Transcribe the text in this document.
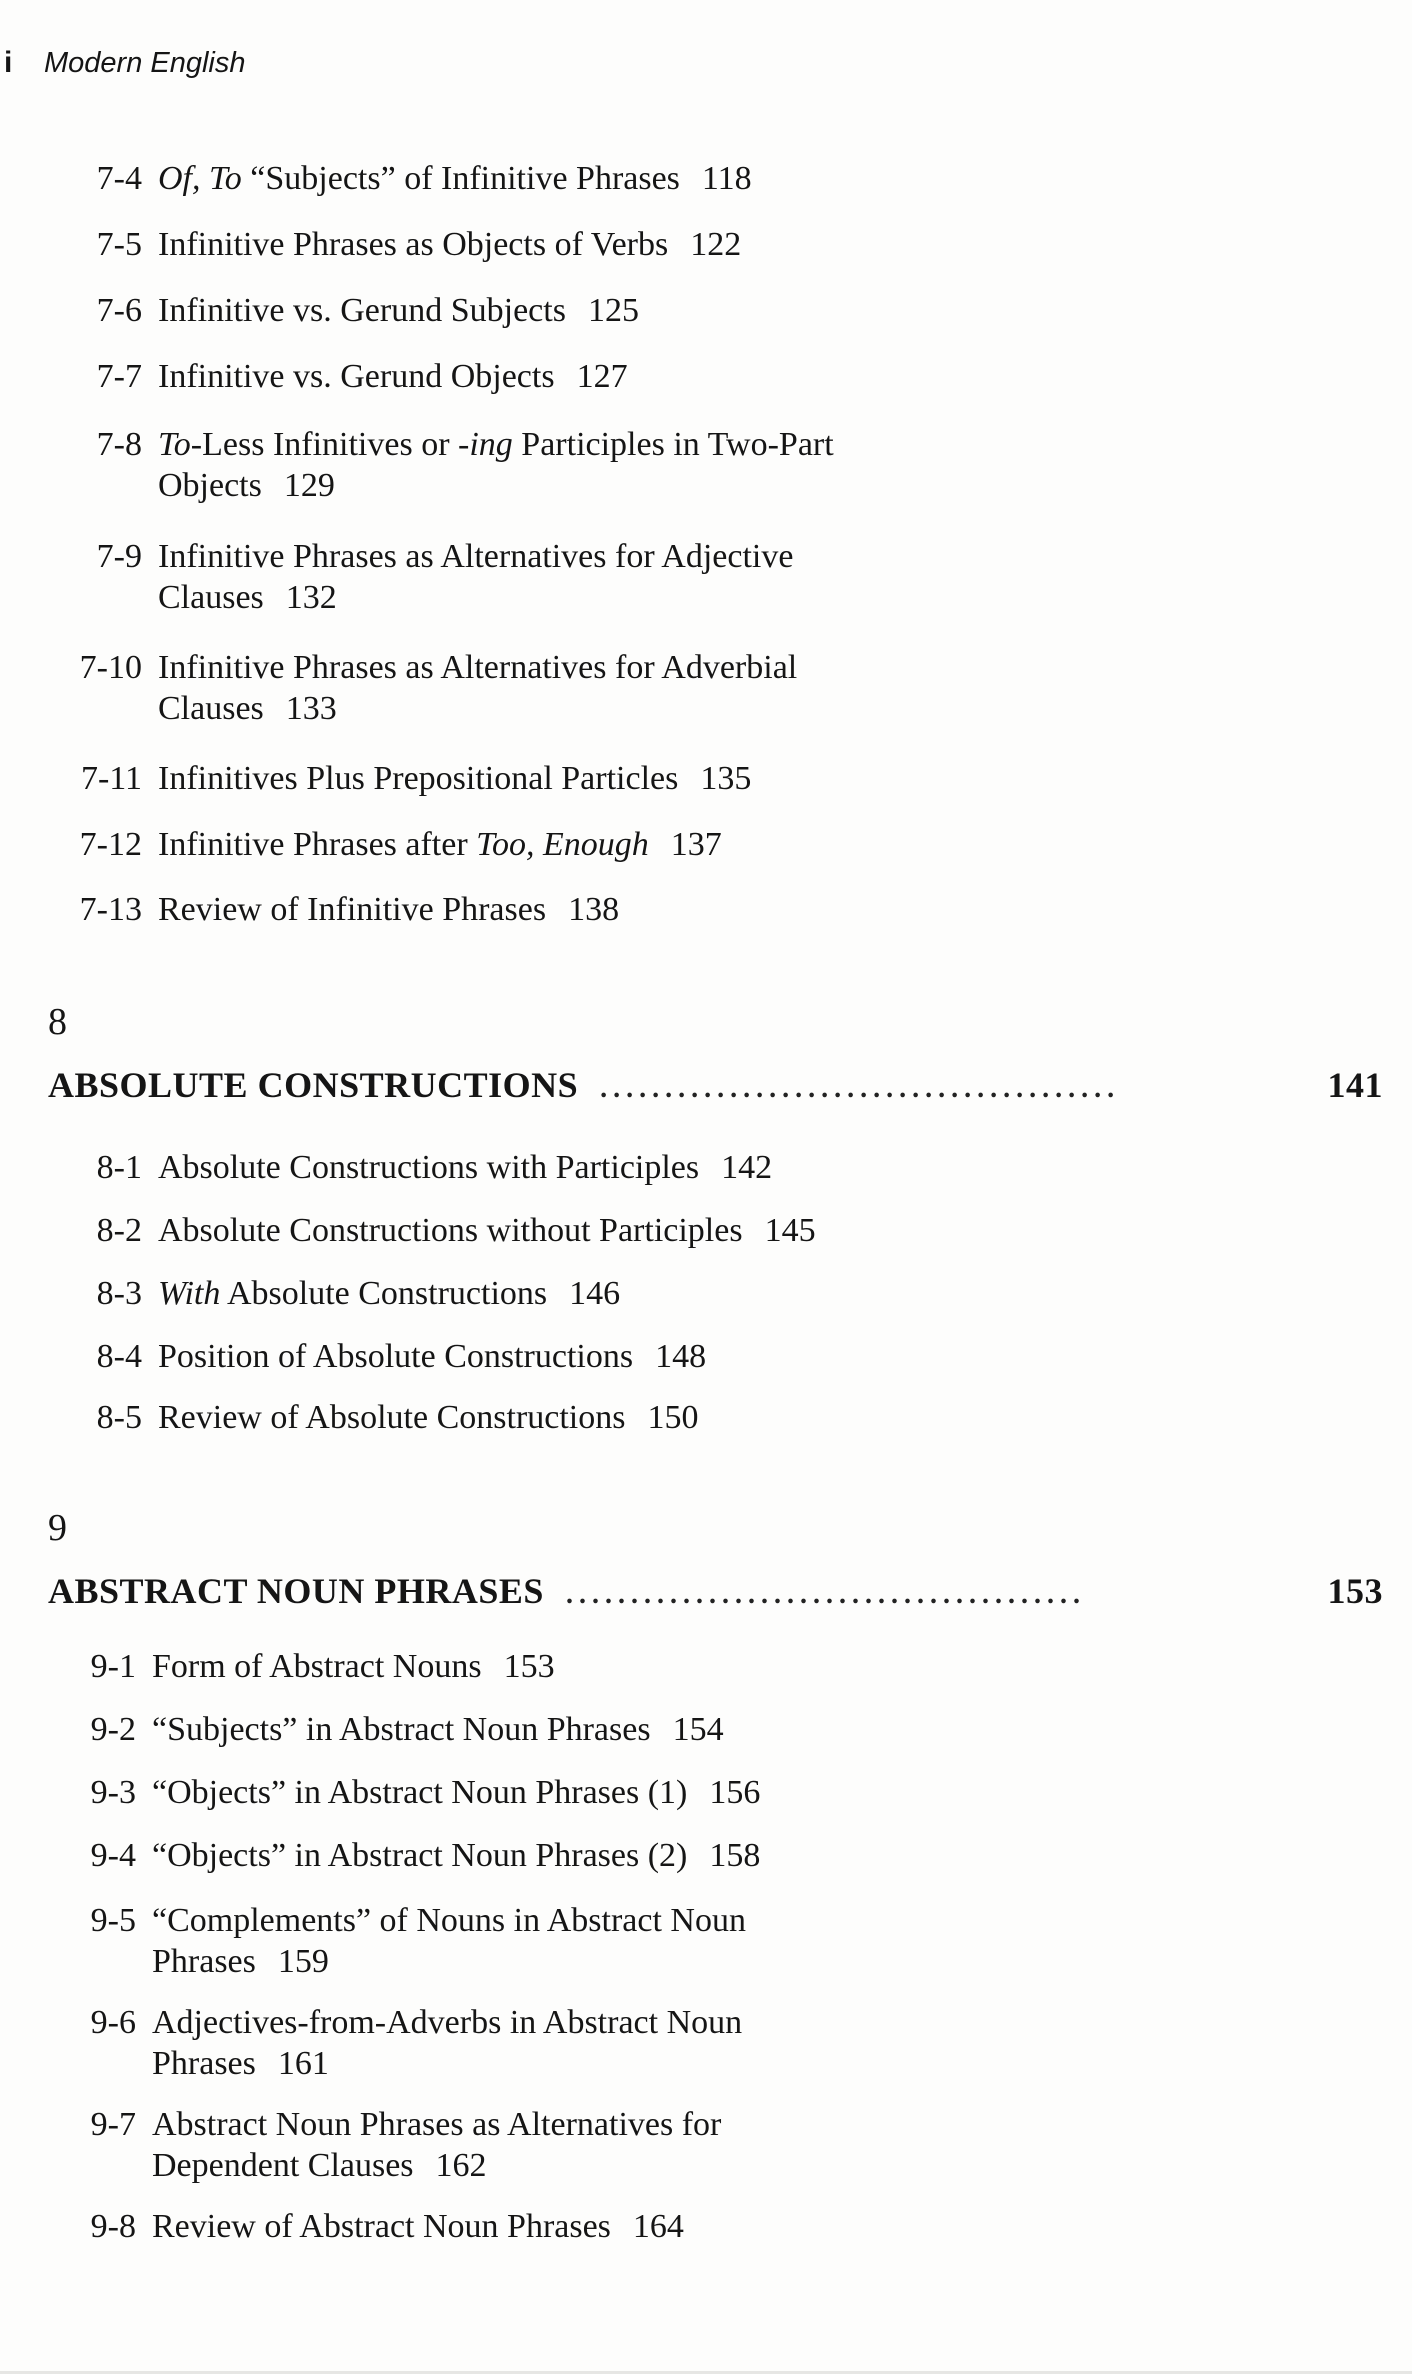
i	Modern English
7-4 Of, To “Subjects” of Infinitive Phrases 118
7-5 Infinitive Phrases as Objects of Verbs 122
7-6 Infinitive vs. Gerund Subjects 125
7-7 Infinitive vs. Gerund Objects 127
7-8 To-Less Infinitives or -ing Participles in Two-Part Objects 129
7-9 Infinitive Phrases as Alternatives for Adjective Clauses 132
7-10 Infinitive Phrases as Alternatives for Adverbial Clauses 133
7-11 Infinitives Plus Prepositional Particles 135
7-12 Infinitive Phrases after Too, Enough 137
7-13 Review of Infinitive Phrases 138
8
ABSOLUTE CONSTRUCTIONS ........................................	141
8-1 Absolute Constructions with Participles 142
8-2 Absolute Constructions without Participles 145
8-3 With Absolute Constructions 146
8-4 Position of Absolute Constructions 148
8-5 Review of Absolute Constructions 150
9
ABSTRACT NOUN PHRASES ........................................	153
9-1 Form of Abstract Nouns 153
9-2 “Subjects” in Abstract Noun Phrases 154
9-3 “Objects” in Abstract Noun Phrases (1) 156
9-4 “Objects” in Abstract Noun Phrases (2) 158
9-5 “Complements” of Nouns in Abstract Noun Phrases 159
9-6 Adjectives-from-Adverbs in Abstract Noun Phrases 161
9-7 Abstract Noun Phrases as Alternatives for Dependent Clauses 162
9-8 Review of Abstract Noun Phrases 164
